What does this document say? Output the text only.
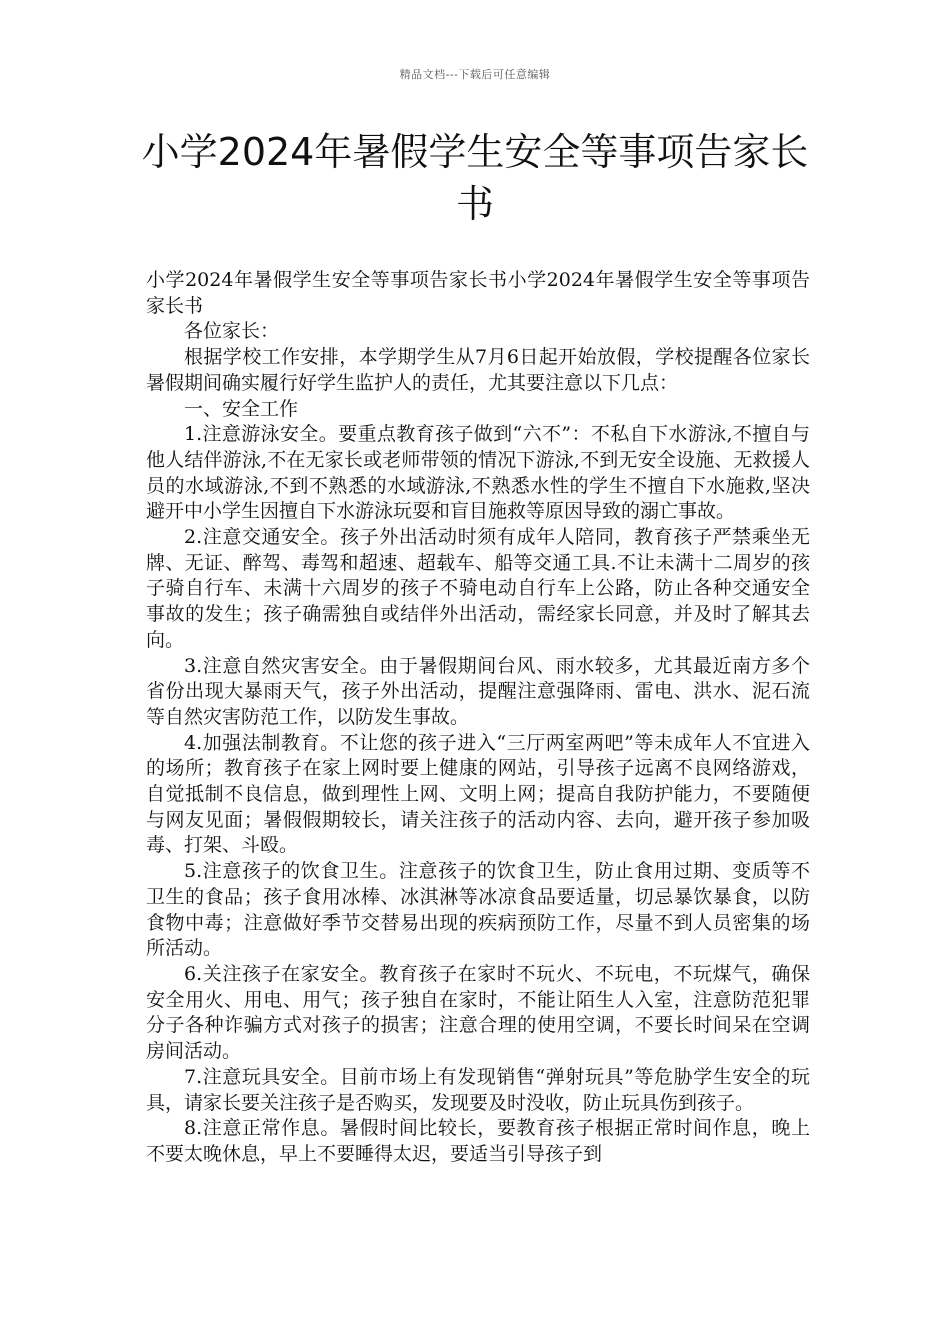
精品文档---下载后可任意编辑
小学2024年暑假学生安全等事项告家长书

小学2024年暑假学生安全等事项告家长书小学2024年暑假学生安全等事项告家长书

各位家长：

根据学校工作安排，本学期学生从7月6日起开始放假，学校提醒各位家长暑假期间确实履行好学生监护人的责任，尤其要注意以下几点：

一、安全工作

1.注意游泳安全。要重点教育孩子做到“六不”：不私自下水游泳,不擅自与他人结伴游泳,不在无家长或老师带领的情况下游泳,不到无安全设施、无救援人员的水域游泳,不到不熟悉的水域游泳,不熟悉水性的学生不擅自下水施救,坚决避开中小学生因擅自下水游泳玩耍和盲目施救等原因导致的溺亡事故。

2.注意交通安全。孩子外出活动时须有成年人陪同，教育孩子严禁乘坐无牌、无证、醉驾、毒驾和超速、超载车、船等交通工具.不让未满十二周岁的孩子骑自行车、未满十六周岁的孩子不骑电动自行车上公路，防止各种交通安全事故的发生；孩子确需独自或结伴外出活动，需经家长同意，并及时了解其去向。

3.注意自然灾害安全。由于暑假期间台风、雨水较多，尤其最近南方多个省份出现大暴雨天气，孩子外出活动，提醒注意强降雨、雷电、洪水、泥石流等自然灾害防范工作，以防发生事故。

4.加强法制教育。不让您的孩子进入“三厅两室两吧”等未成年人不宜进入的场所；教育孩子在家上网时要上健康的网站，引导孩子远离不良网络游戏，自觉抵制不良信息，做到理性上网、文明上网；提高自我防护能力，不要随便与网友见面；暑假假期较长，请关注孩子的活动内容、去向，避开孩子参加吸毒、打架、斗殴。

5.注意孩子的饮食卫生。注意孩子的饮食卫生，防止食用过期、变质等不卫生的食品；孩子食用冰棒、冰淇淋等冰凉食品要适量，切忌暴饮暴食，以防食物中毒；注意做好季节交替易出现的疾病预防工作，尽量不到人员密集的场所活动。

6.关注孩子在家安全。教育孩子在家时不玩火、不玩电，不玩煤气，确保安全用火、用电、用气；孩子独自在家时，不能让陌生人入室，注意防范犯罪分子各种诈骗方式对孩子的损害；注意合理的使用空调，不要长时间呆在空调房间活动。

7.注意玩具安全。目前市场上有发现销售“弹射玩具”等危胁学生安全的玩具，请家长要关注孩子是否购买，发现要及时没收，防止玩具伤到孩子。

8.注意正常作息。暑假时间比较长，要教育孩子根据正常时间作息，晚上不要太晚休息，早上不要睡得太迟，要适当引导孩子到
